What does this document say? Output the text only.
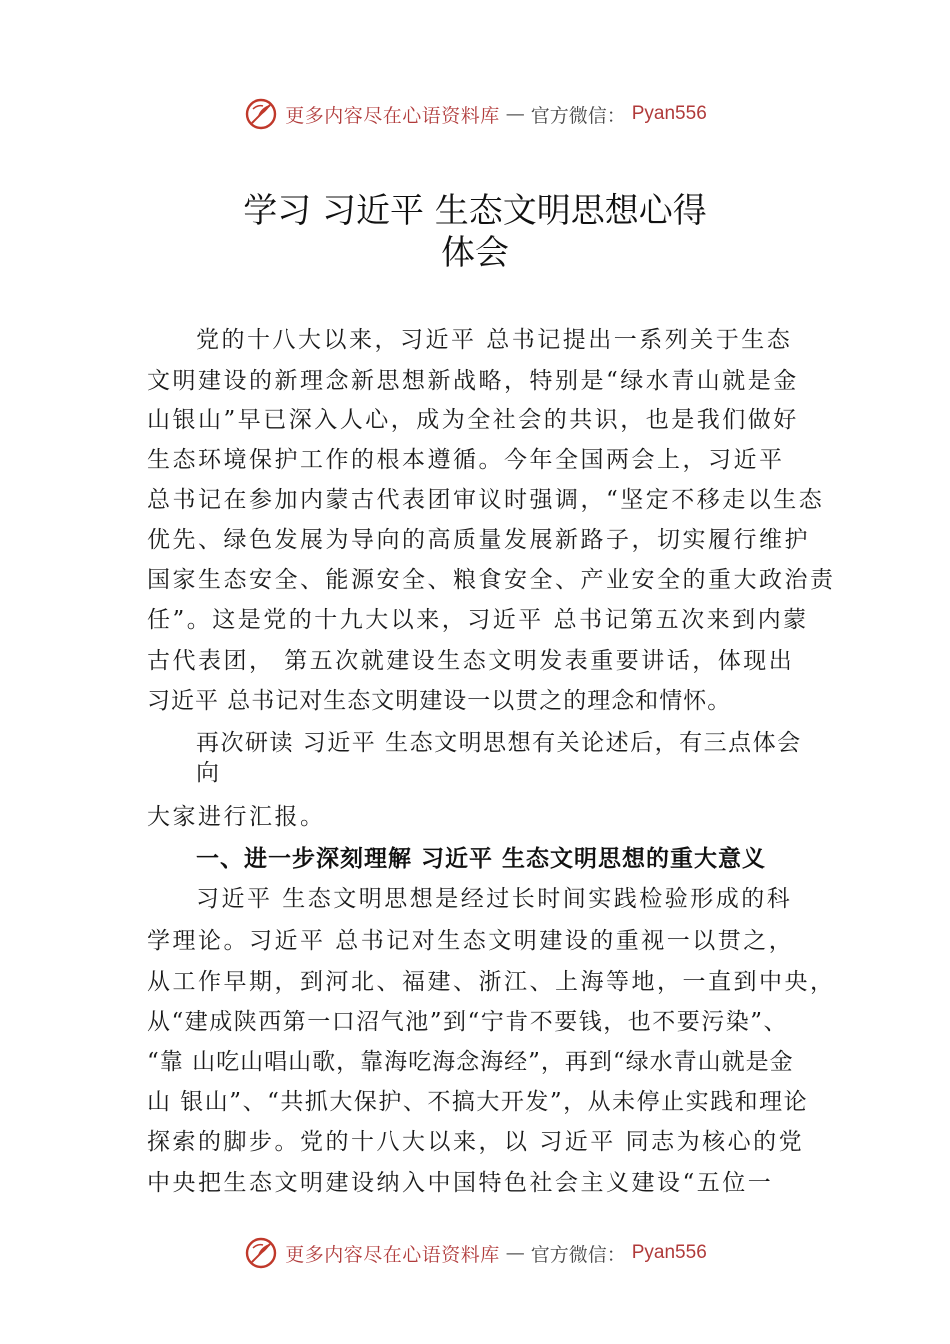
更多内容尽在心语资料库 — 官方微信： Pyan556
学习 习近平 生态文明思想心得
体会

党的十八大以来，习近平 总书记提出一系列关于生态

文明建设的新理念新思想新战略，特别是“绿水青山就是金

山银山”早已深入人心，成为全社会的共识，也是我们做好

生态环境保护工作的根本遵循。今年全国两会上，习近平

总书记在参加内蒙古代表团审议时强调，“坚定不移走以生态

优先、绿色发展为导向的高质量发展新路子，切实履行维护

国家生态安全、能源安全、粮食安全、产业安全的重大政治责

任”。这是党的十九大以来，习近平 总书记第五次来到内蒙

古代表团， 第五次就建设生态文明发表重要讲话，体现出

习近平 总书记对生态文明建设一以贯之的理念和情怀。

再次研读 习近平 生态文明思想有关论述后，有三点体会

向

大家进行汇报。

一、进一步深刻理解 习近平 生态文明思想的重大意义

习近平 生态文明思想是经过长时间实践检验形成的科

学理论。习近平 总书记对生态文明建设的重视一以贯之，

从工作早期，到河北、福建、浙江、上海等地，一直到中央，

从“建成陕西第一口沼气池”到“宁肯不要钱，也不要污染”、

“靠 山吃山唱山歌，靠海吃海念海经”，再到“绿水青山就是金

山 银山”、“共抓大保护、不搞大开发”，从未停止实践和理论

探索的脚步。党的十八大以来，以 习近平 同志为核心的党

中央把生态文明建设纳入中国特色社会主义建设“五位一

更多内容尽在心语资料库 — 官方微信： Pyan556
